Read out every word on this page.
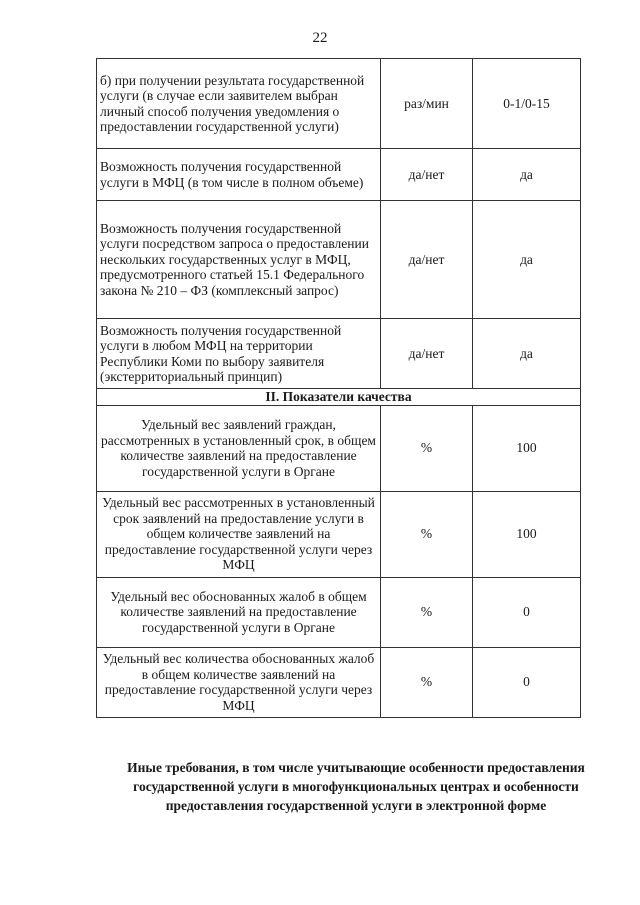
22
б) при получении результата государственной услуги (в случае если заявителем выбран личный способ получения уведомления о предоставлении государственной услуги)	раз/мин	0-1/0-15
Возможность получения государственной услуги в МФЦ (в том числе в полном объеме)	да/нет	да
Возможность получения государственной услуги посредством запроса о предоставлении нескольких государственных услуг в МФЦ, предусмотренного статьей 15.1 Федерального закона № 210 – ФЗ (комплексный запрос)	да/нет	да
Возможность получения государственной услуги в любом МФЦ на территории Республики Коми по выбору заявителя (экстерриториальный принцип)	да/нет	да
II. Показатели качества		
Удельный вес заявлений граждан, рассмотренных в установленный срок, в общем количестве заявлений на предоставление государственной услуги в Органе	%	100
Удельный вес рассмотренных в установленный срок заявлений на предоставление услуги в общем количестве заявлений на предоставление государственной услуги через МФЦ	%	100
Удельный вес обоснованных жалоб в общем количестве заявлений на предоставление государственной услуги в Органе	%	0
Удельный вес количества обоснованных жалоб в общем количестве заявлений на предоставление государственной услуги через МФЦ	%	0
Иные требования, в том числе учитывающие особенности предоставления государственной услуги в многофункциональных центрах и особенности предоставления государственной услуги в электронной форме
